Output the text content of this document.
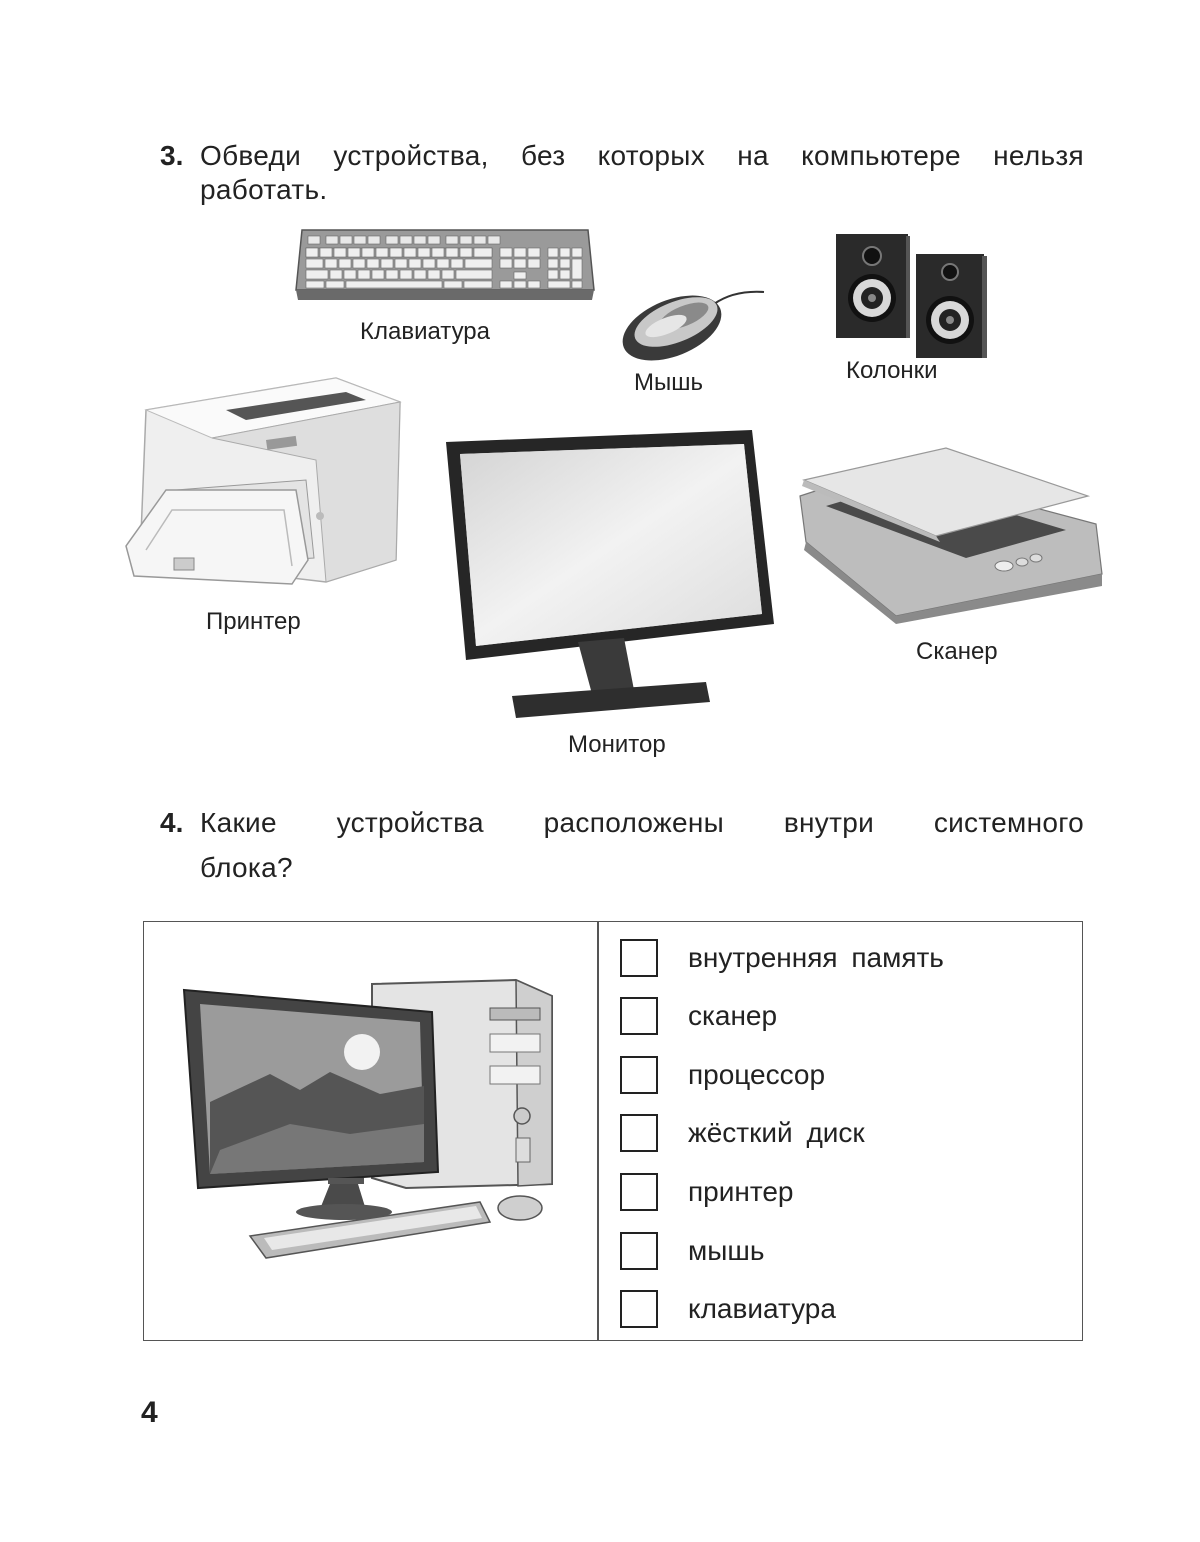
3. Обведи устройства, без которых на компьютере нельзя
работать.
Клавиатура
Мышь	Колонки
Принтер
Монитор
Сканер
4. Какие устройства расположены внутри системного
блока?
внутренняя память
сканер
процессор
жёсткий диск
принтер
мышь
клавиатура
4
